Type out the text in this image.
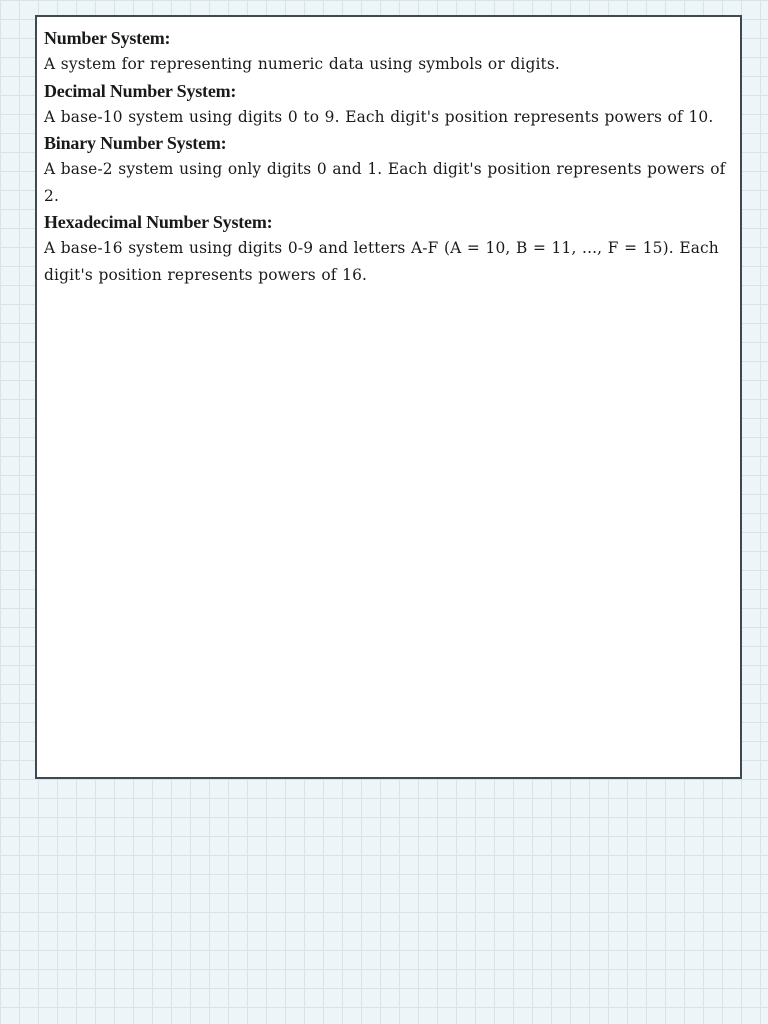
Number System:

A system for representing numeric data using symbols or digits.

Decimal Number System:

A base-10 system using digits 0 to 9. Each digit's position represents powers of 10.

Binary Number System:

A base-2 system using only digits 0 and 1. Each digit's position represents powers of 2.

Hexadecimal Number System:

A base-16 system using digits 0-9 and letters A-F (A = 10, B = 11, ..., F = 15). Each digit's position represents powers of 16.
